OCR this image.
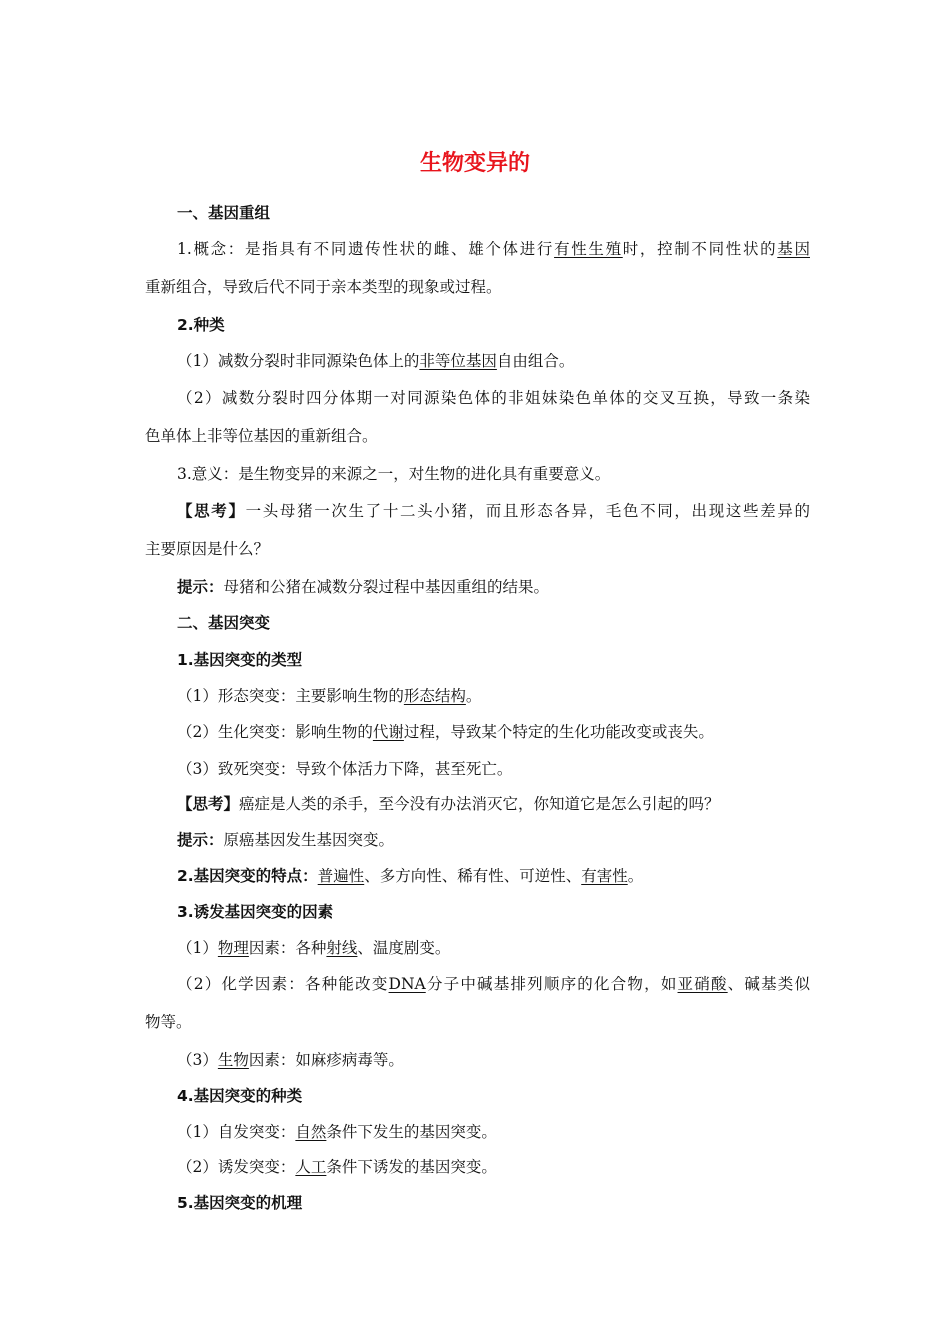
生物变异的
一、基因重组
1.概念：是指具有不同遗传性状的雌、雄个体进行有性生殖时，控制不同性状的基因
重新组合，导致后代不同于亲本类型的现象或过程。
2.种类
（1）减数分裂时非同源染色体上的非等位基因自由组合。
（2）减数分裂时四分体期一对同源染色体的非姐妹染色单体的交叉互换，导致一条染
色单体上非等位基因的重新组合。
3.意义：是生物变异的来源之一，对生物的进化具有重要意义。
【思考】一头母猪一次生了十二头小猪，而且形态各异，毛色不同，出现这些差异的
主要原因是什么？
提示：母猪和公猪在减数分裂过程中基因重组的结果。
二、基因突变
1.基因突变的类型
（1）形态突变：主要影响生物的形态结构。
（2）生化突变：影响生物的代谢过程，导致某个特定的生化功能改变或丧失。
（3）致死突变：导致个体活力下降，甚至死亡。
【思考】癌症是人类的杀手，至今没有办法消灭它，你知道它是怎么引起的吗？
提示：原癌基因发生基因突变。
2.基因突变的特点：普遍性、多方向性、稀有性、可逆性、有害性。
3.诱发基因突变的因素
（1）物理因素：各种射线、温度剧变。
（2）化学因素：各种能改变DNA分子中碱基排列顺序的化合物，如亚硝酸、碱基类似
物等。
（3）生物因素：如麻疹病毒等。
4.基因突变的种类
（1）自发突变：自然条件下发生的基因突变。
（2）诱发突变：人工条件下诱发的基因突变。
5.基因突变的机理
